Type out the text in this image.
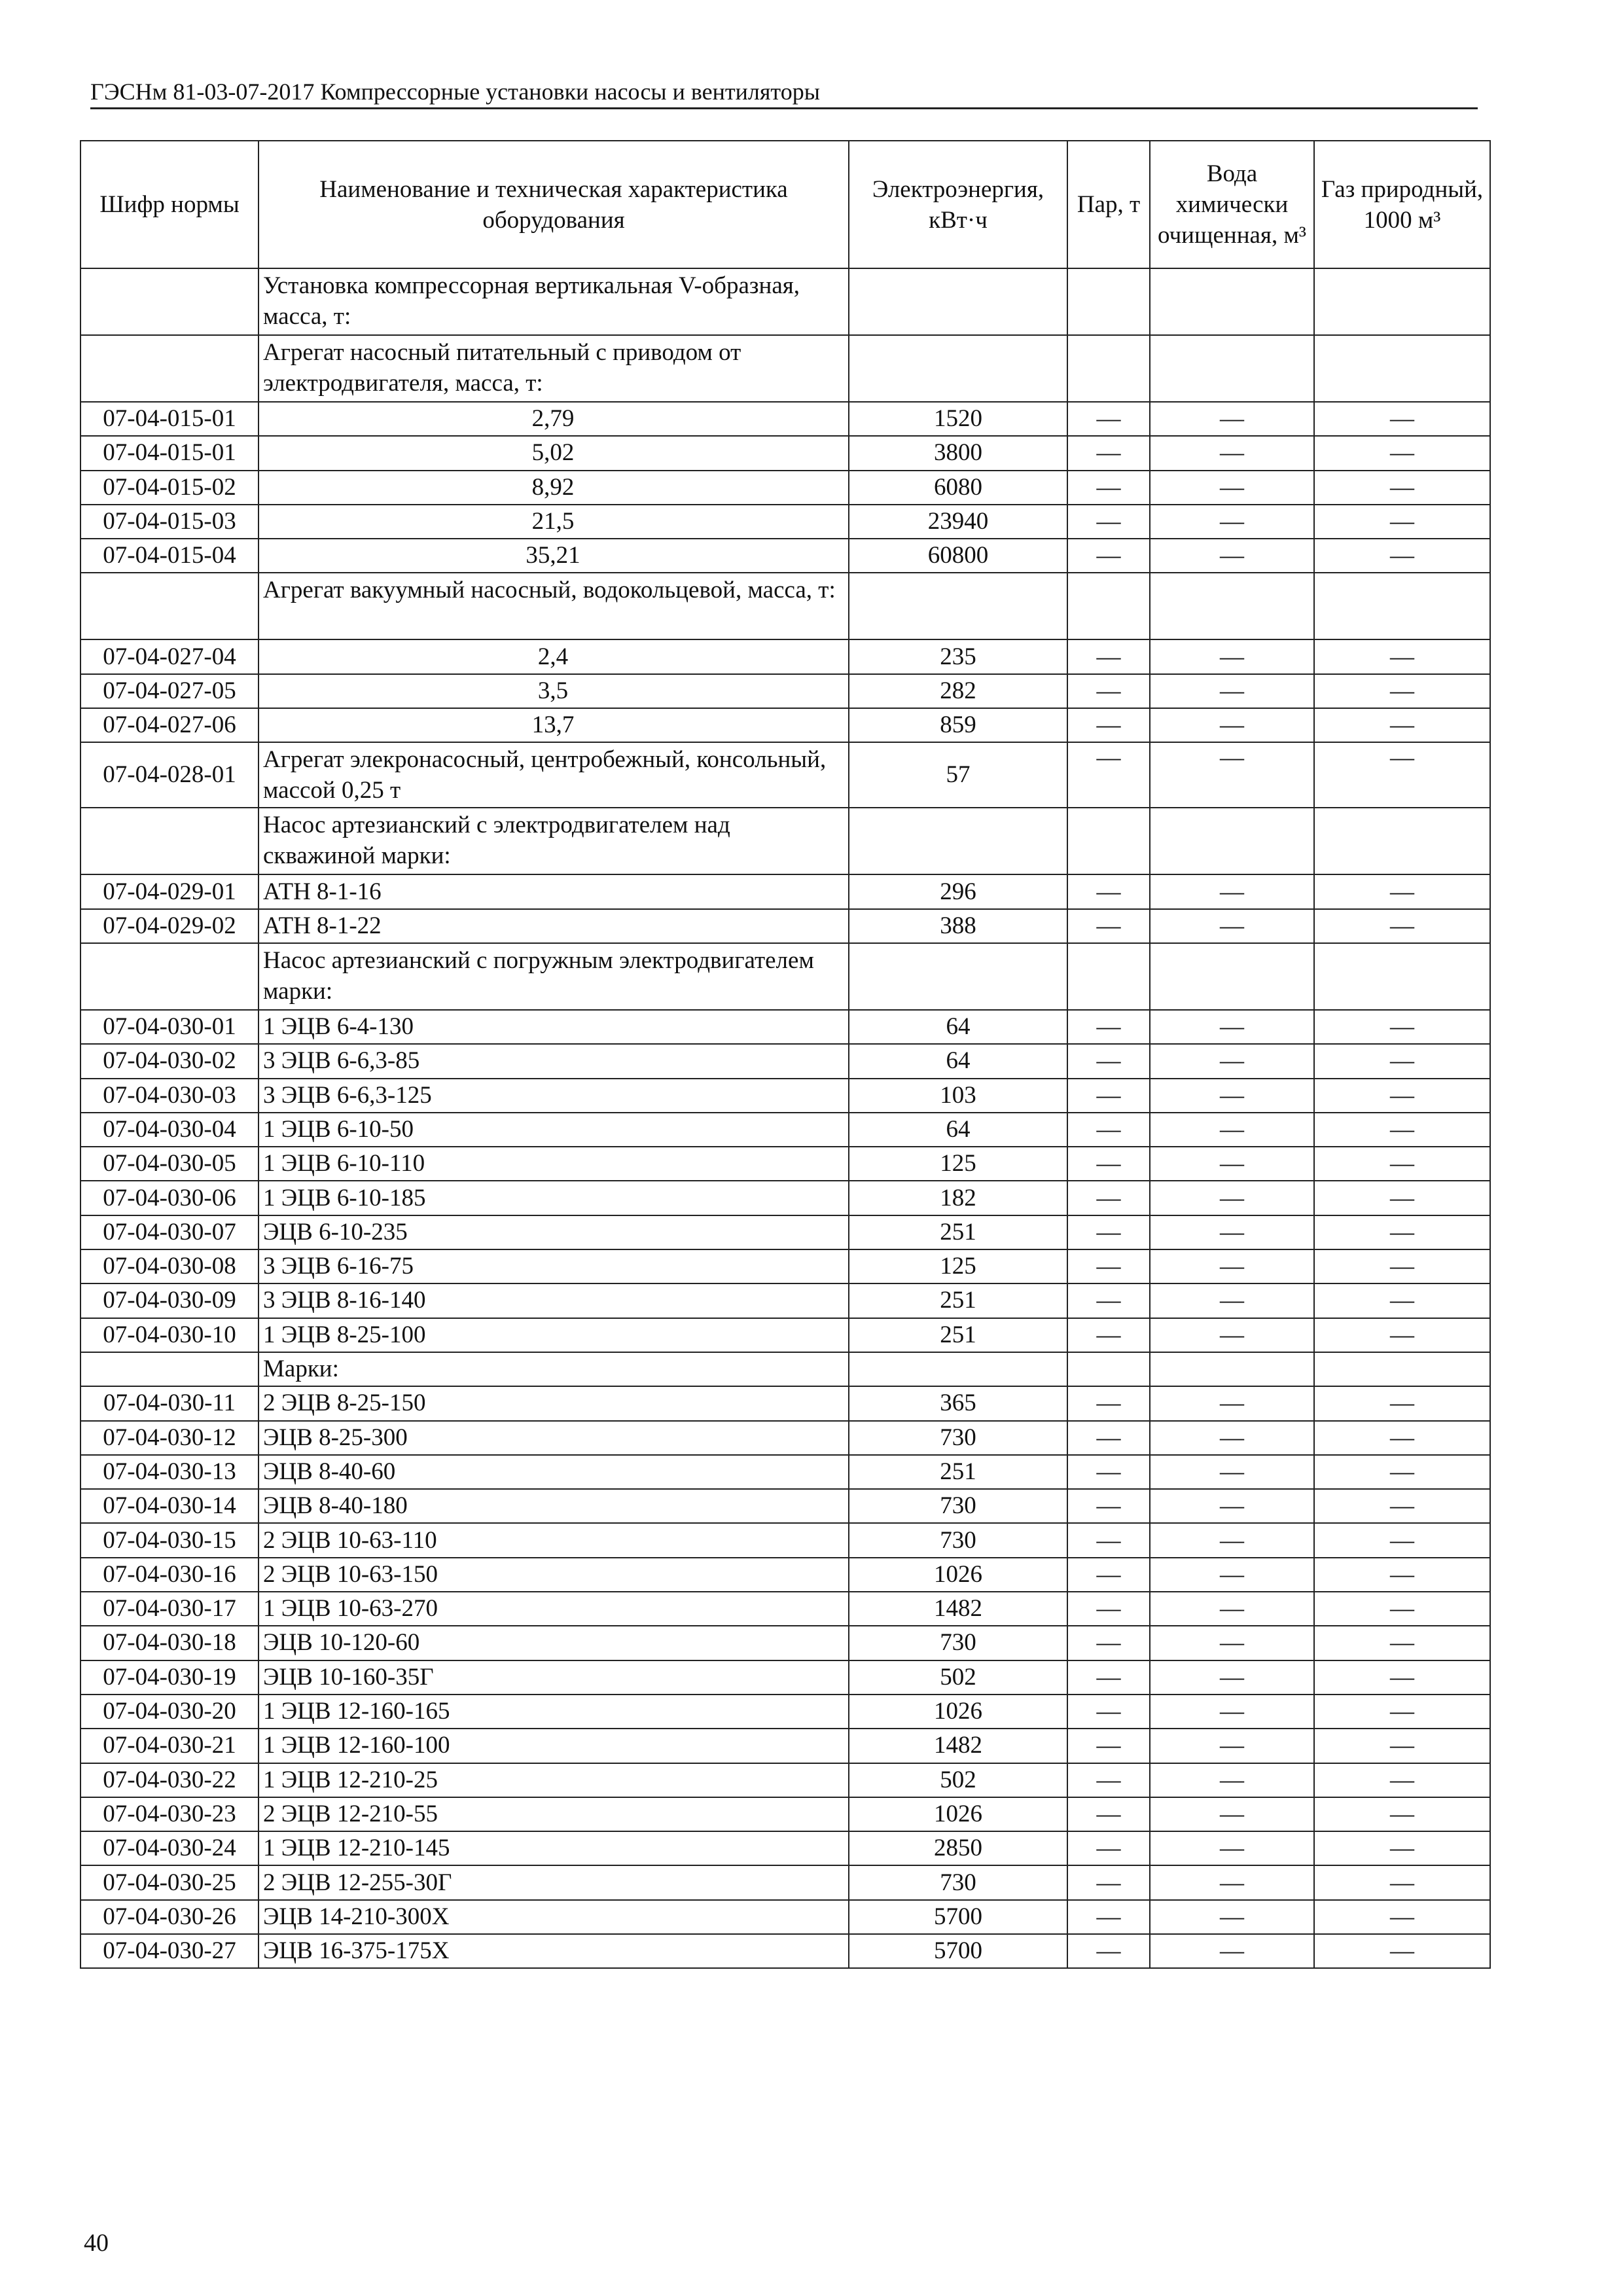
ГЭСНм 81-03-07-2017 Компрессорные установки насосы и вентиляторы
Шифр нормы	Наименование и техническая характеристика оборудования	Электроэнергия, кВт·ч	Пар, т	Вода химически очищенная, м³	Газ природный, 1000 м³
	Установка компрессорная вертикальная V-образная, масса, т:				
	Агрегат насосный питательный с приводом от электродвигателя, масса, т:				
07-04-015-01	2,79	1520	—	—	—
07-04-015-01	5,02	3800	—	—	—
07-04-015-02	8,92	6080	—	—	—
07-04-015-03	21,5	23940	—	—	—
07-04-015-04	35,21	60800	—	—	—
	Агрегат вакуумный насосный, водокольцевой, масса, т:				
07-04-027-04	2,4	235	—	—	—
07-04-027-05	3,5	282	—	—	—
07-04-027-06	13,7	859	—	—	—
07-04-028-01	Агрегат элекронасосный, центробежный, консольный, массой 0,25 т	57	—	—	—
	Насос артезианский с электродвигателем над скважиной марки:				
07-04-029-01	АТН 8-1-16	296	—	—	—
07-04-029-02	АТН 8-1-22	388	—	—	—
	Насос артезианский с погружным электродвигателем марки:				
07-04-030-01	1 ЭЦВ 6-4-130	64	—	—	—
07-04-030-02	3 ЭЦВ 6-6,3-85	64	—	—	—
07-04-030-03	3 ЭЦВ 6-6,3-125	103	—	—	—
07-04-030-04	1 ЭЦВ 6-10-50	64	—	—	—
07-04-030-05	1 ЭЦВ 6-10-110	125	—	—	—
07-04-030-06	1 ЭЦВ 6-10-185	182	—	—	—
07-04-030-07	ЭЦВ 6-10-235	251	—	—	—
07-04-030-08	3 ЭЦВ 6-16-75	125	—	—	—
07-04-030-09	3 ЭЦВ 8-16-140	251	—	—	—
07-04-030-10	1 ЭЦВ 8-25-100	251	—	—	—
	Марки:				
07-04-030-11	2 ЭЦВ 8-25-150	365	—	—	—
07-04-030-12	ЭЦВ 8-25-300	730	—	—	—
07-04-030-13	ЭЦВ 8-40-60	251	—	—	—
07-04-030-14	ЭЦВ 8-40-180	730	—	—	—
07-04-030-15	2 ЭЦВ 10-63-110	730	—	—	—
07-04-030-16	2 ЭЦВ 10-63-150	1026	—	—	—
07-04-030-17	1 ЭЦВ 10-63-270	1482	—	—	—
07-04-030-18	ЭЦВ 10-120-60	730	—	—	—
07-04-030-19	ЭЦВ 10-160-35Г	502	—	—	—
07-04-030-20	1 ЭЦВ 12-160-165	1026	—	—	—
07-04-030-21	1 ЭЦВ 12-160-100	1482	—	—	—
07-04-030-22	1 ЭЦВ 12-210-25	502	—	—	—
07-04-030-23	2 ЭЦВ 12-210-55	1026	—	—	—
07-04-030-24	1 ЭЦВ 12-210-145	2850	—	—	—
07-04-030-25	2 ЭЦВ 12-255-30Г	730	—	—	—
07-04-030-26	ЭЦВ 14-210-300Х	5700	—	—	—
07-04-030-27	ЭЦВ 16-375-175Х	5700	—	—	—
40
